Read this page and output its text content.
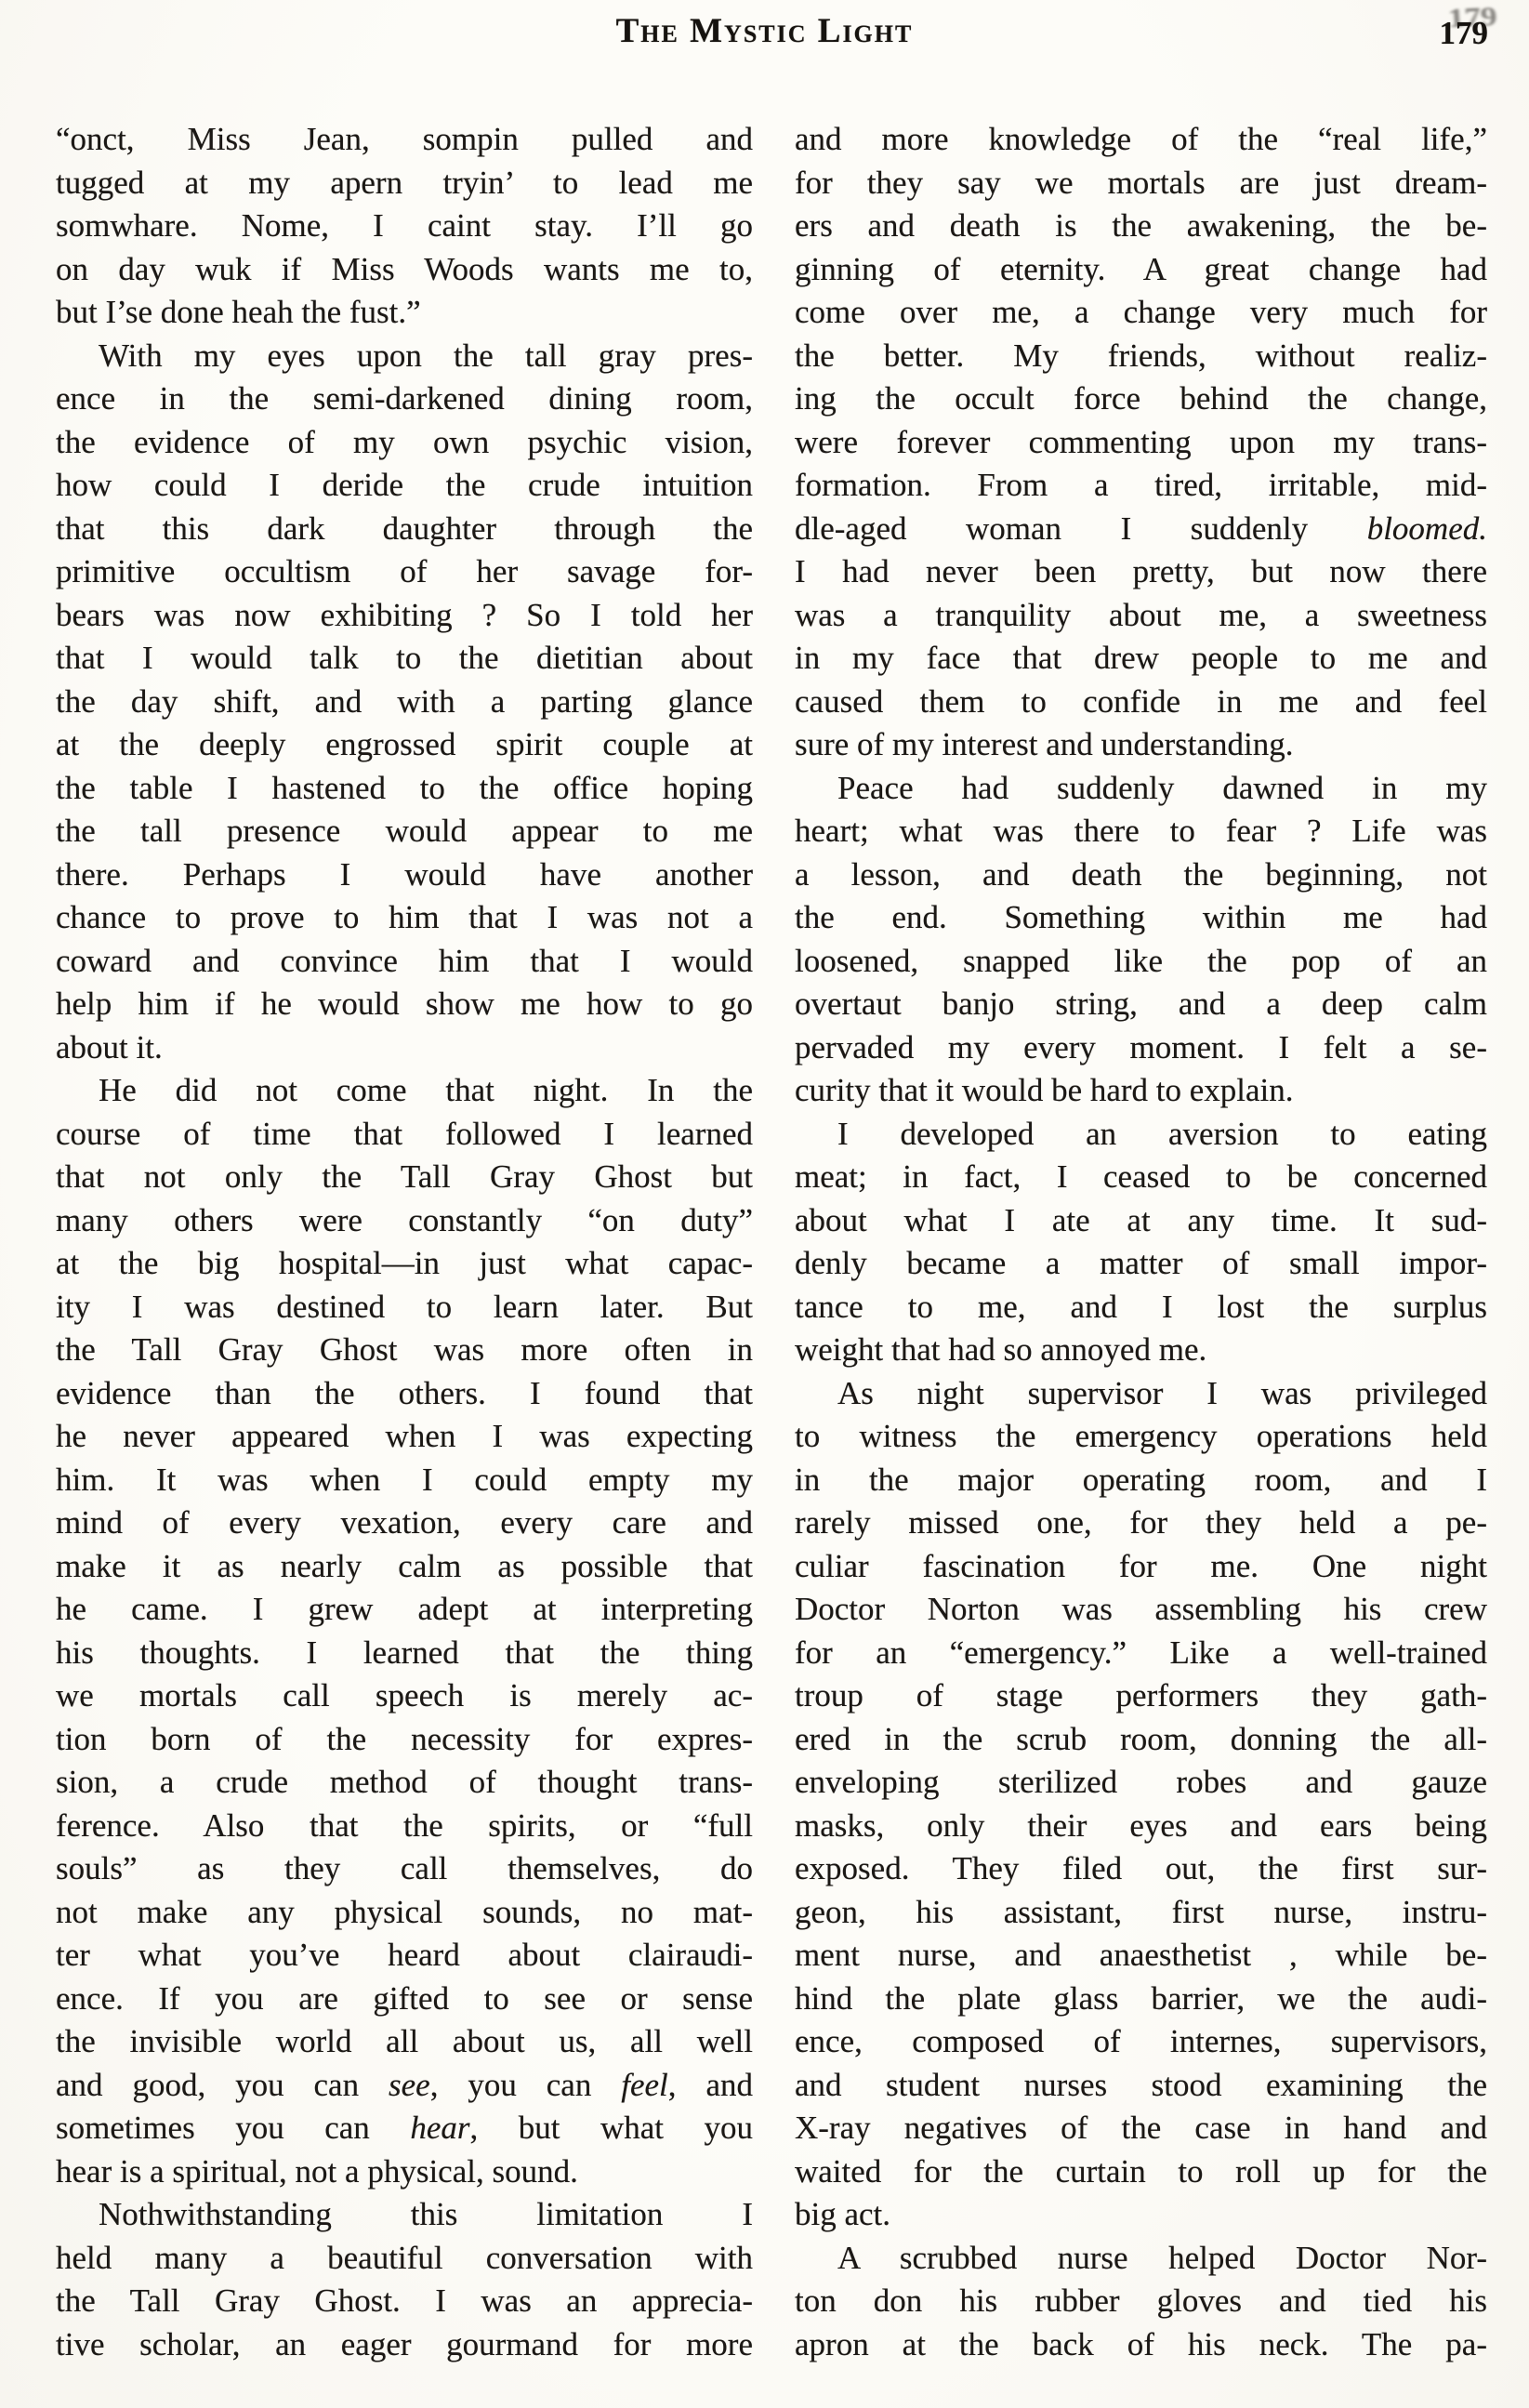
The Mystic Light	179 179
“onct, Miss Jean, sompin pulled and
tugged at my apern tryin’ to lead me
somwhare. Nome, I caint stay. I’ll go
on day wuk if Miss Woods wants me to,
but I’se done heah the fust.”
With my eyes upon the tall gray pres-
ence in the semi-darkened dining room,
the evidence of my own psychic vision,
how could I deride the crude intuition
that this dark daughter through the
primitive occultism of her savage for-
bears was now exhibiting ? So I told her
that I would talk to the dietitian about
the day shift, and with a parting glance
at the deeply engrossed spirit couple at
the table I hastened to the office hoping
the tall presence would appear to me
there. Perhaps I would have another
chance to prove to him that I was not a
coward and convince him that I would
help him if he would show me how to go
about it.
He did not come that night. In the
course of time that followed I learned
that not only the Tall Gray Ghost but
many others were constantly “on duty”
at the big hospital—in just what capac-
ity I was destined to learn later. But
the Tall Gray Ghost was more often in
evidence than the others. I found that
he never appeared when I was expecting
him. It was when I could empty my
mind of every vexation, every care and
make it as nearly calm as possible that
he came. I grew adept at interpreting
his thoughts. I learned that the thing
we mortals call speech is merely ac-
tion born of the necessity for expres-
sion, a crude method of thought trans-
ference. Also that the spirits, or “full
souls” as they call themselves, do
not make any physical sounds, no mat-
ter what you’ve heard about clairaudi-
ence. If you are gifted to see or sense
the invisible world all about us, all well
and good, you can see, you can feel, and
sometimes you can hear, but what you
hear is a spiritual, not a physical, sound.
Nothwithstanding this limitation I
held many a beautiful conversation with
the Tall Gray Ghost. I was an apprecia-
tive scholar, an eager gourmand for more
and more knowledge of the “real life,”
for they say we mortals are just dream-
ers and death is the awakening, the be-
ginning of eternity. A great change had
come over me, a change very much for
the better. My friends, without realiz-
ing the occult force behind the change,
were forever commenting upon my trans-
formation. From a tired, irritable, mid-
dle-aged woman I suddenly bloomed.
I had never been pretty, but now there
was a tranquility about me, a sweetness
in my face that drew people to me and
caused them to confide in me and feel
sure of my interest and understanding.
Peace had suddenly dawned in my
heart; what was there to fear ? Life was
a lesson, and death the beginning, not
the end. Something within me had
loosened, snapped like the pop of an
overtaut banjo string, and a deep calm
pervaded my every moment. I felt a se-
curity that it would be hard to explain.
I developed an aversion to eating
meat; in fact, I ceased to be concerned
about what I ate at any time. It sud-
denly became a matter of small impor-
tance to me, and I lost the surplus
weight that had so annoyed me.
As night supervisor I was privileged
to witness the emergency operations held
in the major operating room, and I
rarely missed one, for they held a pe-
culiar fascination for me. One night
Doctor Norton was assembling his crew
for an “emergency.” Like a well-trained
troup of stage performers they gath-
ered in the scrub room, donning the all-
enveloping sterilized robes and gauze
masks, only their eyes and ears being
exposed. They filed out, the first sur-
geon, his assistant, first nurse, instru-
ment nurse, and anaesthetist , while be-
hind the plate glass barrier, we the audi-
ence, composed of internes, supervisors,
and student nurses stood examining the
X-ray negatives of the case in hand and
waited for the curtain to roll up for the
big act.
A scrubbed nurse helped Doctor Nor-
ton don his rubber gloves and tied his
apron at the back of his neck. The pa-
